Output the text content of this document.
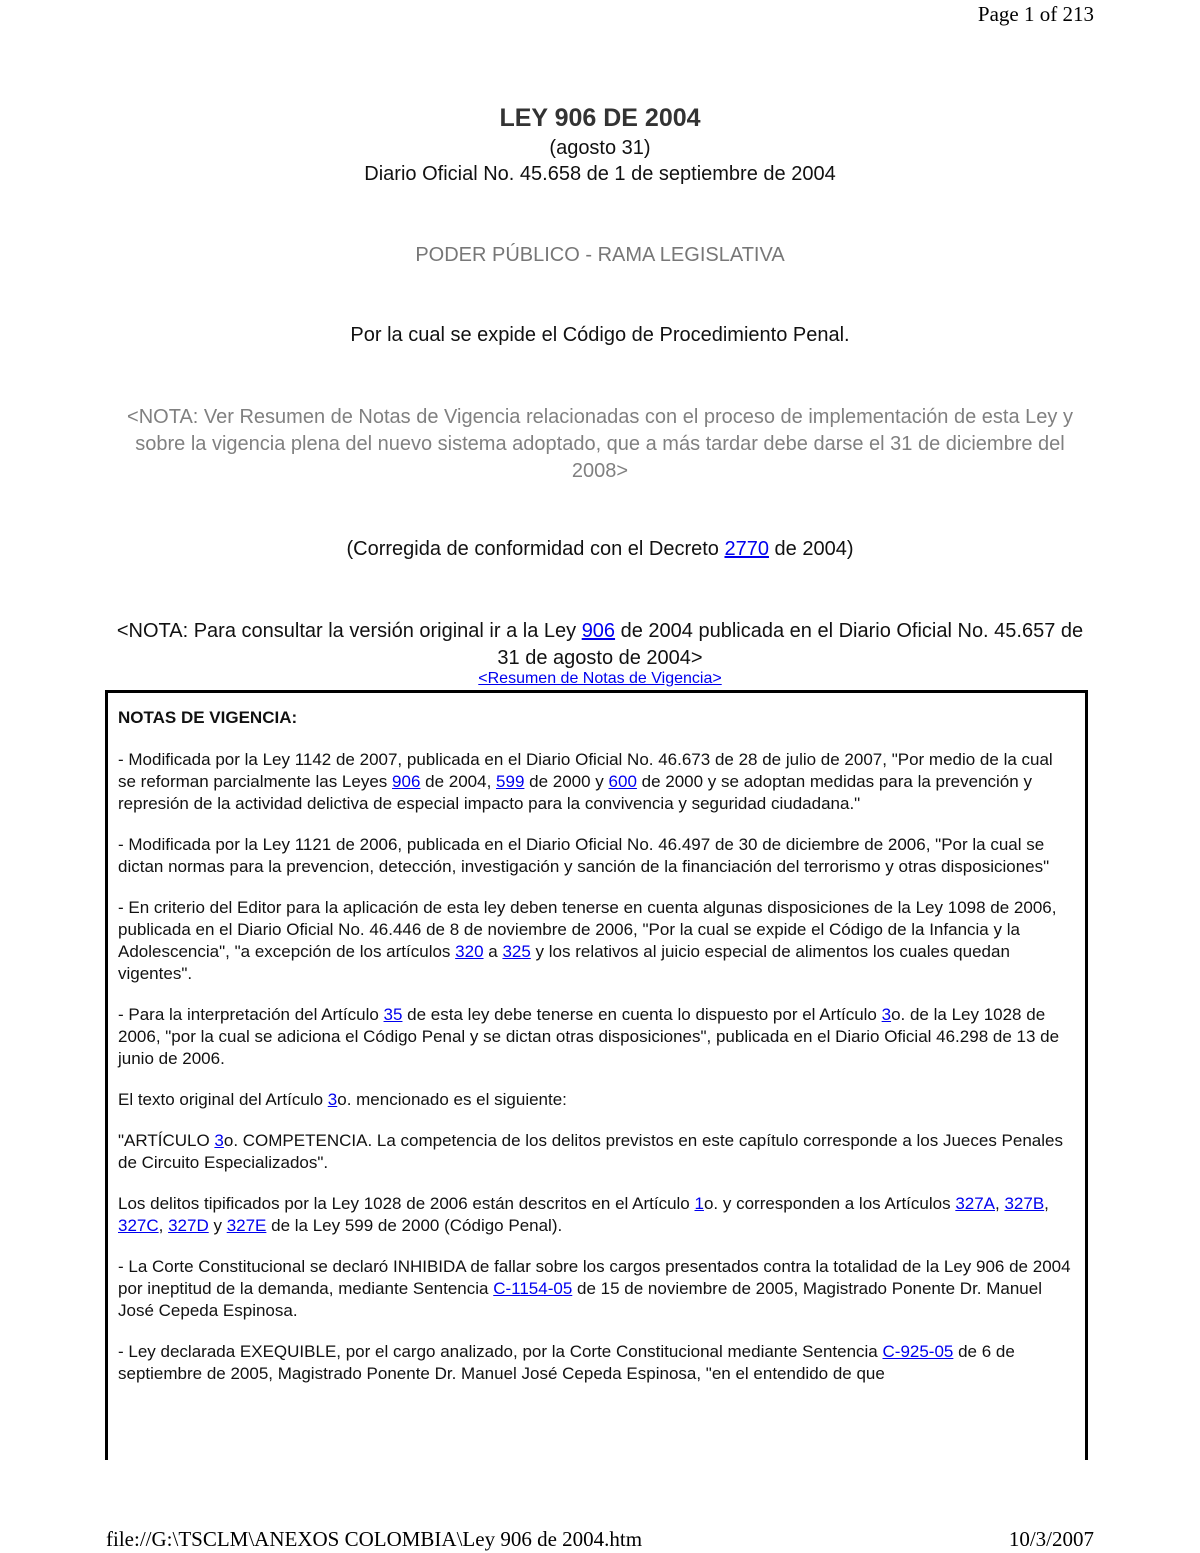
Page 1 of 213
LEY 906 DE 2004
(agosto 31)
Diario Oficial No. 45.658 de 1 de septiembre de 2004
PODER PÚBLICO - RAMA LEGISLATIVA
Por la cual se expide el Código de Procedimiento Penal.
<NOTA: Ver Resumen de Notas de Vigencia relacionadas con el proceso de implementación de esta Ley y sobre la vigencia plena del nuevo sistema adoptado, que a más tardar debe darse el 31 de diciembre del 2008>
(Corregida de conformidad con el Decreto 2770 de 2004)
<NOTA: Para consultar la versión original ir a la Ley 906 de 2004 publicada en el Diario Oficial No. 45.657 de 31 de agosto de 2004>
<Resumen de Notas de Vigencia>

NOTAS DE VIGENCIA:

- Modificada por la Ley 1142 de 2007, publicada en el Diario Oficial No. 46.673 de 28 de julio de 2007, "Por medio de la cual se reforman parcialmente las Leyes 906 de 2004, 599 de 2000 y 600 de 2000 y se adoptan medidas para la prevención y represión de la actividad delictiva de especial impacto para la convivencia y seguridad ciudadana."

- Modificada por la Ley 1121 de 2006, publicada en el Diario Oficial No. 46.497 de 30 de diciembre de 2006, "Por la cual se dictan normas para la prevencion, detección, investigación y sanción de la financiación del terrorismo y otras disposiciones"

- En criterio del Editor para la aplicación de esta ley deben tenerse en cuenta algunas disposiciones de la Ley 1098 de 2006, publicada en el Diario Oficial No. 46.446 de 8 de noviembre de 2006, "Por la cual se expide el Código de la Infancia y la Adolescencia", "a excepción de los artículos 320 a 325 y los relativos al juicio especial de alimentos los cuales quedan vigentes".

- Para la interpretación del Artículo 35 de esta ley debe tenerse en cuenta lo dispuesto por el Artículo 3o. de la Ley 1028 de 2006, "por la cual se adiciona el Código Penal y se dictan otras disposiciones", publicada en el Diario Oficial 46.298 de 13 de junio de 2006.

El texto original del Artículo 3o. mencionado es el siguiente:

"ARTÍCULO 3o. COMPETENCIA. La competencia de los delitos previstos en este capítulo corresponde a los Jueces Penales de Circuito Especializados".

Los delitos tipificados por la Ley 1028 de 2006 están descritos en el Artículo 1o. y corresponden a los Artículos 327A, 327B, 327C, 327D y 327E de la Ley 599 de 2000 (Código Penal).

- La Corte Constitucional se declaró INHIBIDA de fallar sobre los cargos presentados contra la totalidad de la Ley 906 de 2004 por ineptitud de la demanda, mediante Sentencia C-1154-05 de 15 de noviembre de 2005, Magistrado Ponente Dr. Manuel José Cepeda Espinosa.

- Ley declarada EXEQUIBLE, por el cargo analizado, por la Corte Constitucional mediante Sentencia C-925-05 de 6 de septiembre de 2005, Magistrado Ponente Dr. Manuel José Cepeda Espinosa, "en el entendido de que

file://G:\TSCLM\ANEXOS COLOMBIA\Ley 906 de 2004.htm	10/3/2007
